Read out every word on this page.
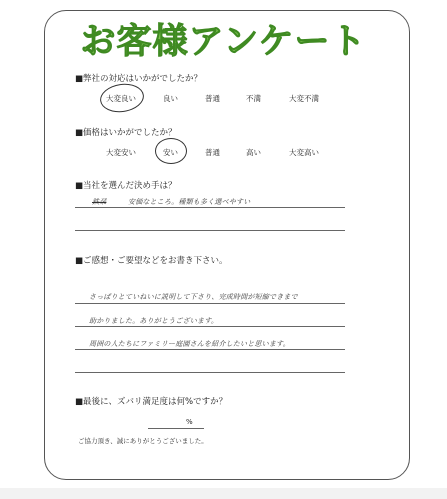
お客様アンケート
■弊社の対応はいかがでしたか？
大変良い	良い	普通	不満	大変不満
■価格はいかがでしたか？
大変安い	安い	普通	高い	大変高い
■当社を選んだ決め手は？
鉄栞	安価なところ。種類も多く選べやすい
■ご感想・ご要望などをお書き下さい。
さっぱりとていねいに説明して下さり、完成時間が短縮できまで
助かりました。ありがとうございます。
周囲の人たちにファミリー庭園さんを紹介したいと思います。
■最後に、ズバリ満足度は何%ですか？
%
ご協力頂き、誠にありがとうございました。
